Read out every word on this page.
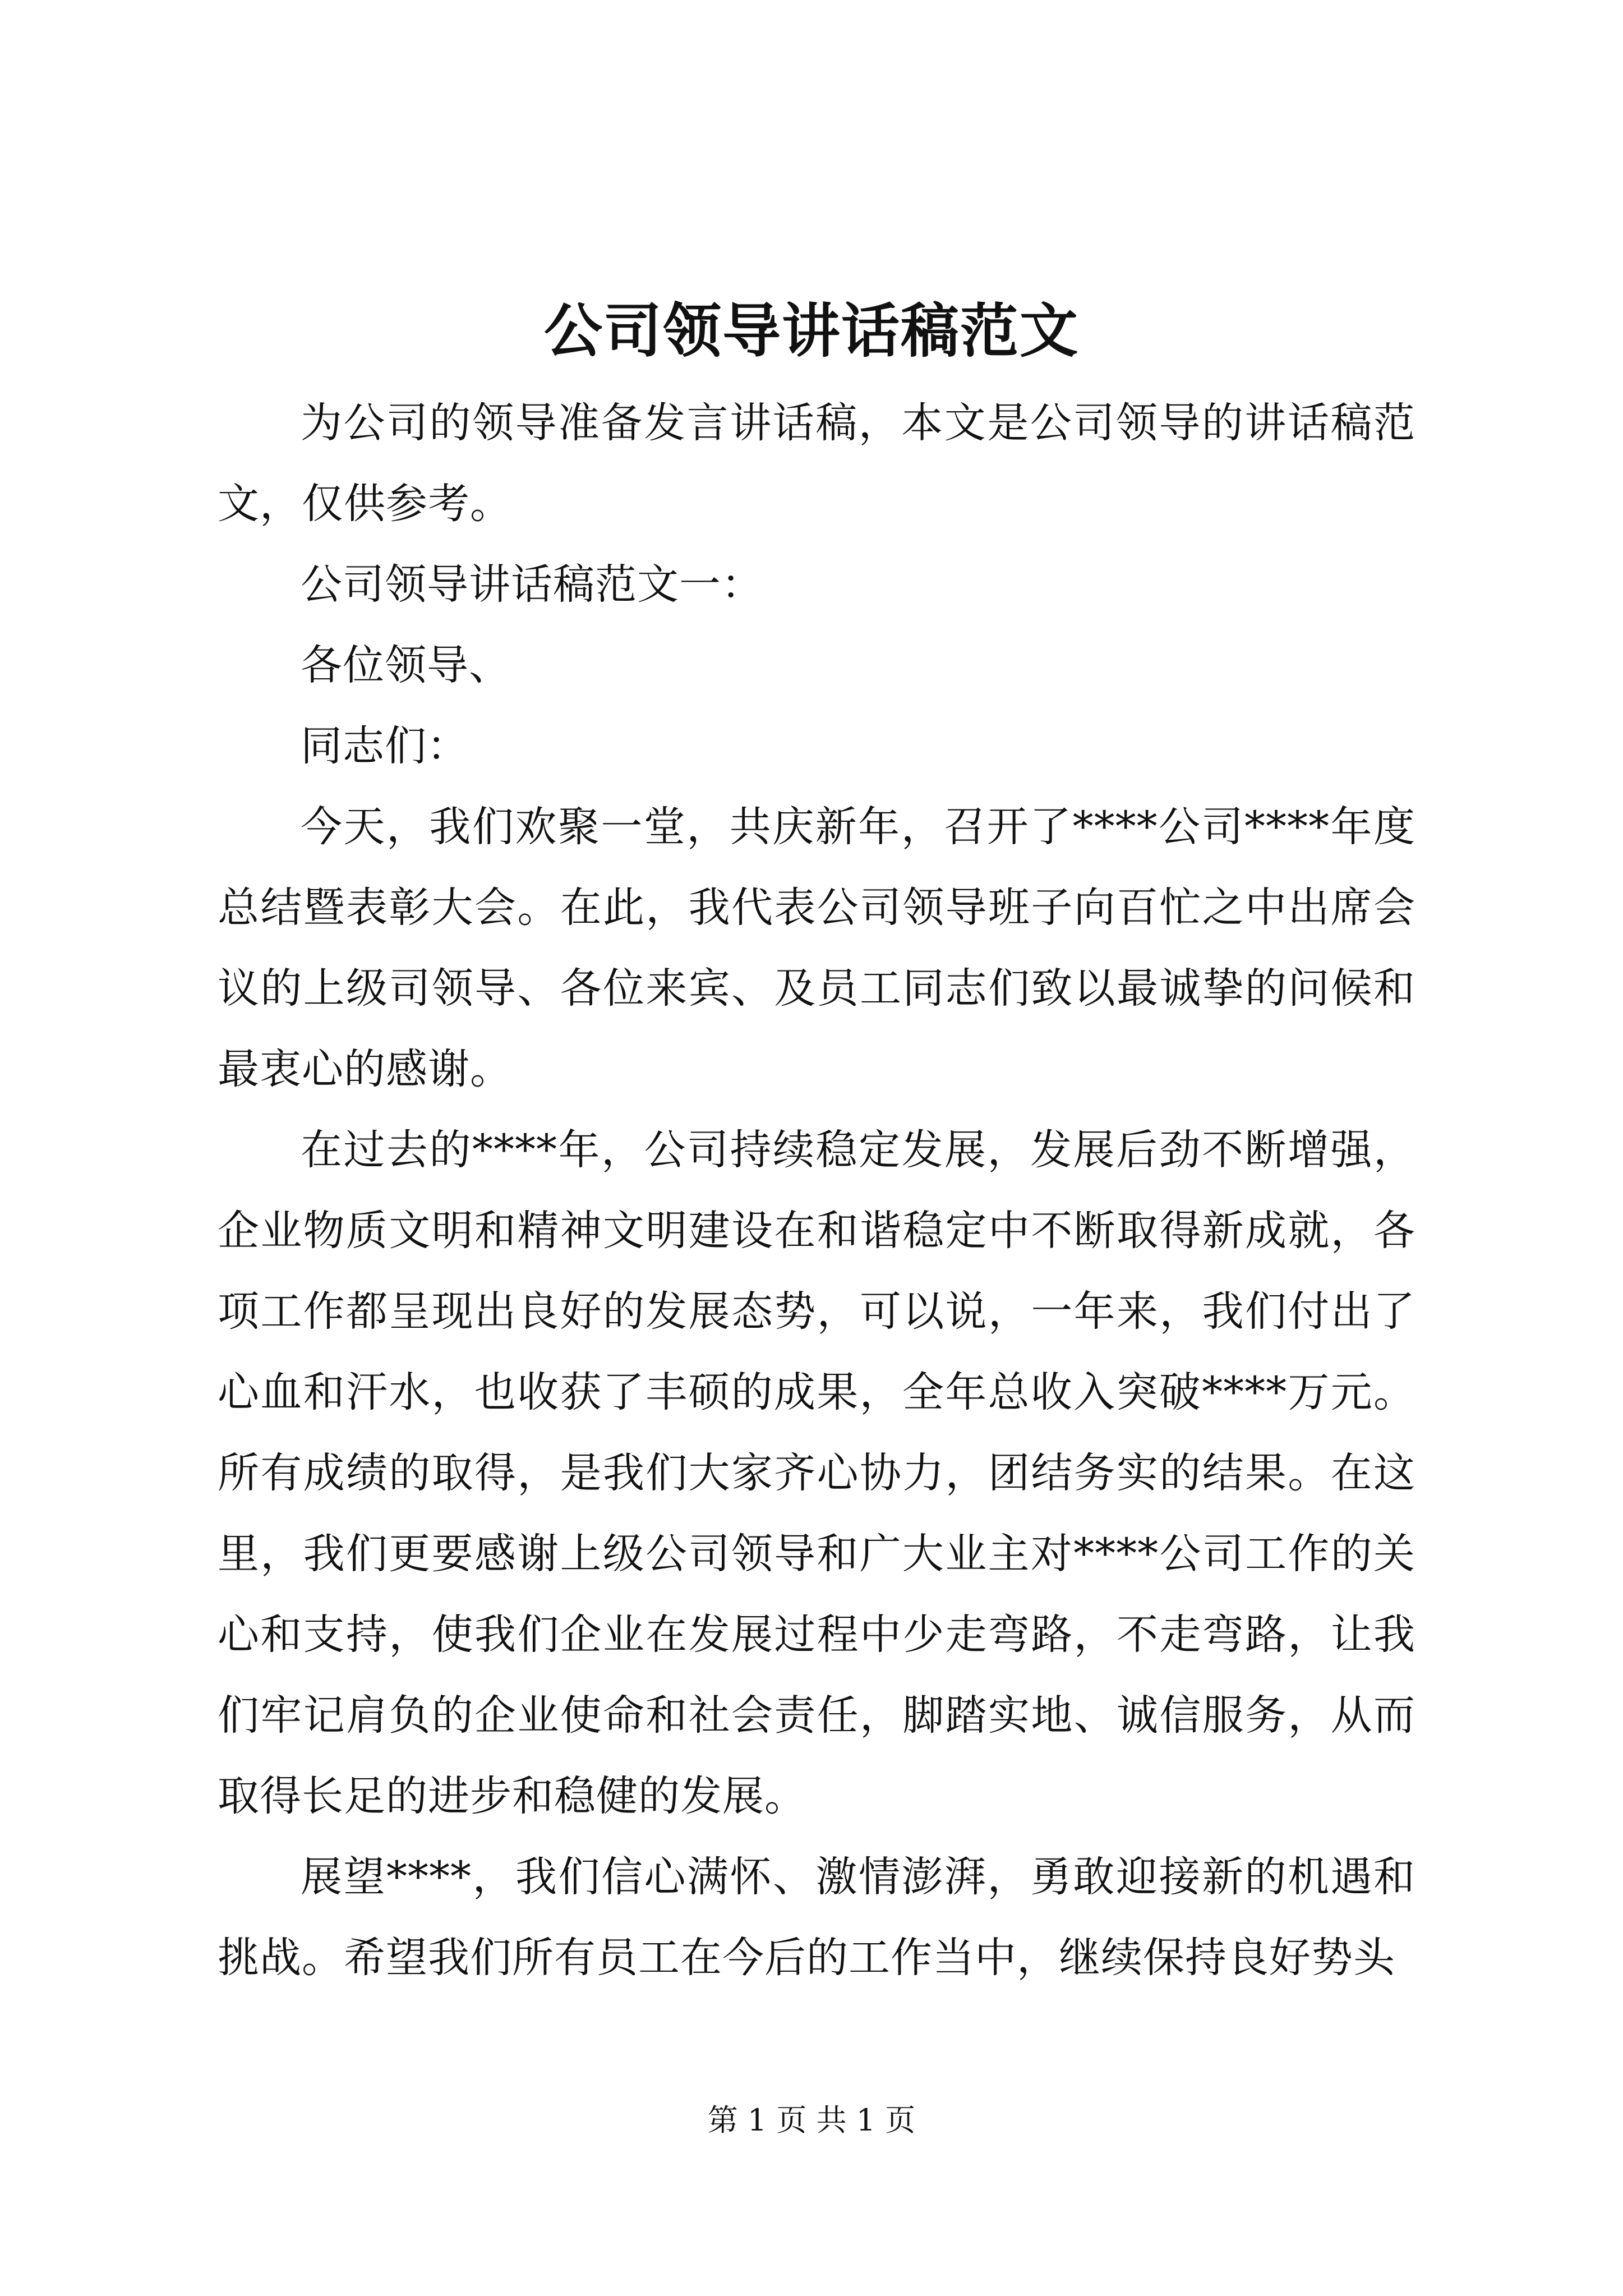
公司领导讲话稿范文

为公司的领导准备发言讲话稿，本文是公司领导的讲话稿范文，仅供参考。

公司领导讲话稿范文一：

各位领导、

同志们：

今天，我们欢聚一堂，共庆新年，召开了****公司****年度总结暨表彰大会。在此，我代表公司领导班子向百忙之中出席会议的上级司领导、各位来宾、及员工同志们致以最诚挚的问候和最衷心的感谢。

在过去的****年，公司持续稳定发展，发展后劲不断增强，企业物质文明和精神文明建设在和谐稳定中不断取得新成就，各项工作都呈现出良好的发展态势，可以说，一年来，我们付出了心血和汗水，也收获了丰硕的成果，全年总收入突破****万元。所有成绩的取得，是我们大家齐心协力，团结务实的结果。在这里，我们更要感谢上级公司领导和广大业主对****公司工作的关心和支持，使我们企业在发展过程中少走弯路，不走弯路，让我们牢记肩负的企业使命和社会责任，脚踏实地、诚信服务，从而取得长足的进步和稳健的发展。

展望****，我们信心满怀、激情澎湃，勇敢迎接新的机遇和挑战。希望我们所有员工在今后的工作当中，继续保持良好势头

第 1 页 共 1 页
